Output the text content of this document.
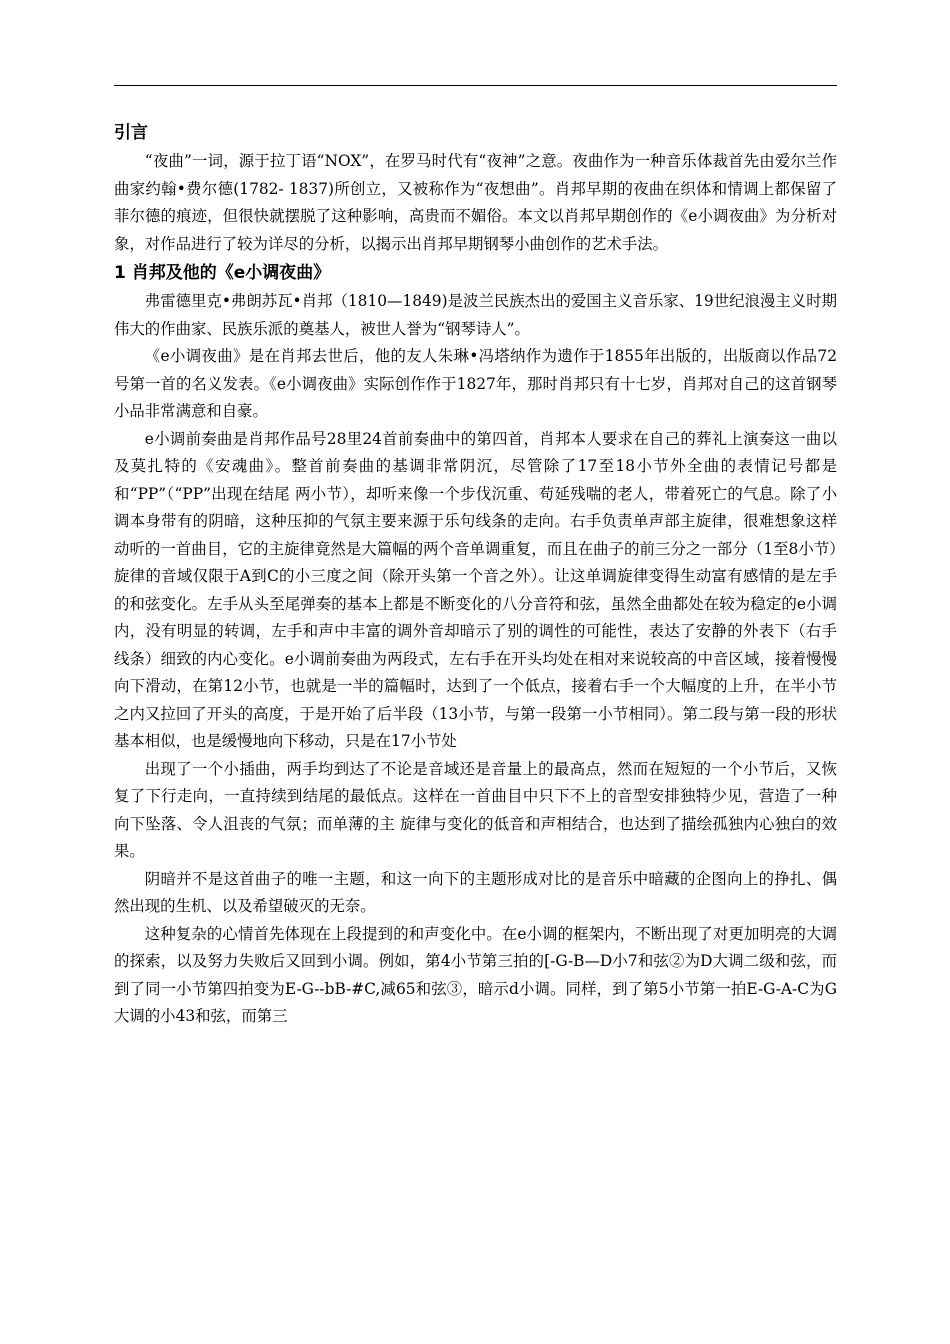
引言

“夜曲”一词，源于拉丁语“NOX”，在罗马时代有“夜神”之意。夜曲作为一种音乐体裁首先由爱尔兰作曲家约翰•费尔德(1782- 1837)所创立，又被称作为“夜想曲”。肖邦早期的夜曲在织体和情调上都保留了菲尔德的痕迹，但很快就摆脱了这种影响，高贵而不媚俗。本文以肖邦早期创作的《e小调夜曲》为分析对象，对作品进行了较为详尽的分析，以揭示出肖邦早期钢琴小曲创作的艺术手法。

1 肖邦及他的《e小调夜曲》

弗雷德里克•弗朗苏瓦•肖邦（1810—1849)是波兰民族杰出的爱国主义音乐家、19世纪浪漫主义时期伟大的作曲家、民族乐派的奠基人，被世人誉为“钢琴诗人”。

《e小调夜曲》是在肖邦去世后，他的友人朱琳•冯塔纳作为遗作于1855年出版的，出版商以作品72号第一首的名义发表。《e小调夜曲》实际创作作于1827年，那时肖邦只有十七岁，肖邦对自己的这首钢琴小品非常满意和自豪。

e小调前奏曲是肖邦作品号28里24首前奏曲中的第四首，肖邦本人要求在自己的葬礼上演奏这一曲以及莫扎特的《安魂曲》。整首前奏曲的基调非常阴沉，尽管除了17至18小节外全曲的表情记号都是和“PP”（“PP”出现在结尾 两小节），却听来像一个步伐沉重、苟延残喘的老人，带着死亡的气息。除了小调本身带有的阴暗，这种压抑的气氛主要来源于乐句线条的走向。右手负责单声部主旋律，很难想象这样动听的一首曲目，它的主旋律竟然是大篇幅的两个音单调重复，而且在曲子的前三分之一部分（1至8小节）旋律的音域仅限于A到C的小三度之间（除开头第一个音之外）。让这单调旋律变得生动富有感情的是左手的和弦变化。左手从头至尾弹奏的基本上都是不断变化的八分音符和弦，虽然全曲都处在较为稳定的e小调内，没有明显的转调，左手和声中丰富的调外音却暗示了别的调性的可能性，表达了安静的外表下（右手线条）细致的内心变化。e小调前奏曲为两段式，左右手在开头均处在相对来说较高的中音区域，接着慢慢向下滑动，在第12小节，也就是一半的篇幅时，达到了一个低点，接着右手一个大幅度的上升，在半小节之内又拉回了开头的高度，于是开始了后半段（13小节，与第一段第一小节相同）。第二段与第一段的形状基本相似，也是缓慢地向下移动，只是在17小节处

出现了一个小插曲，两手均到达了不论是音域还是音量上的最高点，然而在短短的一个小节后，又恢复了下行走向，一直持续到结尾的最低点。这样在一首曲目中只下不上的音型安排独特少见，营造了一种向下坠落、令人沮丧的气氛；而单薄的主 旋律与变化的低音和声相结合，也达到了描绘孤独内心独白的效果。

阴暗并不是这首曲子的唯一主题，和这一向下的主题形成对比的是音乐中暗藏的企图向上的挣扎、偶然出现的生机、以及希望破灭的无奈。

这种复杂的心情首先体现在上段提到的和声变化中。在e小调的框架内，不断出现了对更加明亮的大调的探索，以及努力失败后又回到小调。例如，第4小节第三拍的[-G-B—D小7和弦②为D大调二级和弦，而到了同一小节第四拍变为E-G--bB-#C,减65和弦③，暗示d小调。同样，到了第5小节第一拍E-G-A-C为G大调的小43和弦，而第三
